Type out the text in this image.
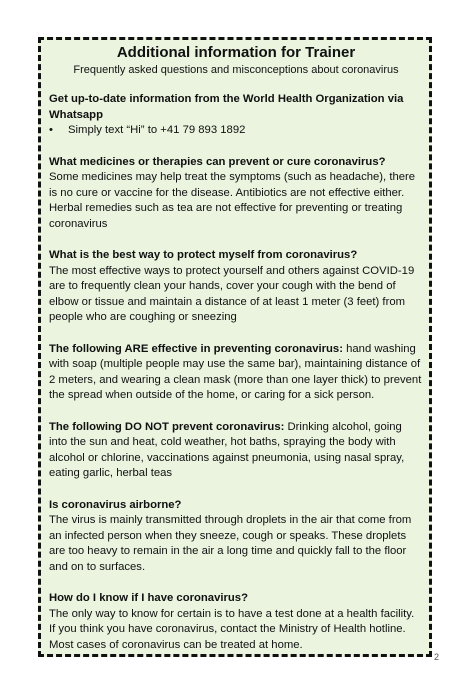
Additional information for Trainer

Frequently asked questions and misconceptions about coronavirus

Get up-to-date information from the World Health Organization via Whatsapp

•	Simply text “Hi” to +41 79 893 1892

What medicines or therapies can prevent or cure coronavirus?

Some medicines may help treat the symptoms (such as headache), there is no cure or vaccine for the disease. Antibiotics are not effective either. Herbal remedies such as tea are not effective for preventing or treating coronavirus

What is the best way to protect myself from coronavirus?

The most effective ways to protect yourself and others against COVID-19 are to frequently clean your hands, cover your cough with the bend of elbow or tissue and maintain a distance of at least 1 meter (3 feet) from people who are coughing or sneezing

The following ARE effective in preventing coronavirus: hand washing with soap (multiple people may use the same bar), maintaining distance of 2 meters, and wearing a clean mask (more than one layer thick) to prevent the spread when outside of the home, or caring for a sick person.

The following DO NOT prevent coronavirus: Drinking alcohol, going into the sun and heat, cold weather, hot baths, spraying the body with alcohol or chlorine, vaccinations against pneumonia, using nasal spray, eating garlic, herbal teas

Is coronavirus airborne?

The virus is mainly transmitted through droplets in the air that come from an infected person when they sneeze, cough or speaks. These droplets are too heavy to remain in the air a long time and quickly fall to the floor and on to surfaces.

How do I know if I have coronavirus?

The only way to know for certain is to have a test done at a health facility. If you think you have coronavirus, contact the Ministry of Health hotline. Most cases of coronavirus can be treated at home.

2
